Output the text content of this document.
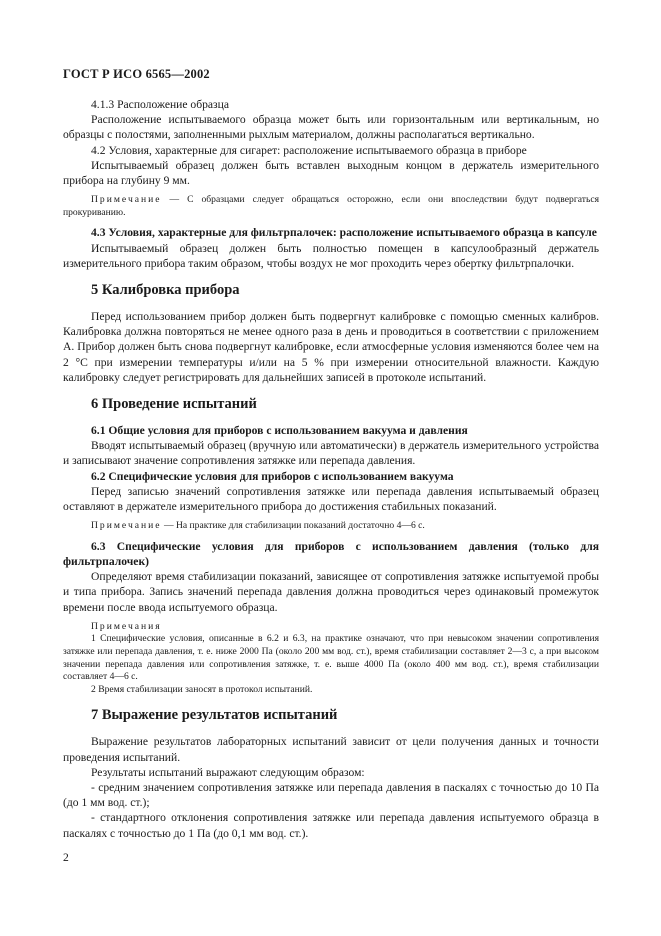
ГОСТ Р ИСО 6565—2002

4.1.3 Расположение образца

Расположение испытываемого образца может быть или горизонтальным или вертикальным, но образцы с полостями, заполненными рыхлым материалом, должны располагаться вертикально.

4.2 Условия, характерные для сигарет: расположение испытываемого образца в приборе

Испытываемый образец должен быть вставлен выходным концом в держатель измерительного прибора на глубину 9 мм.

Примечание — С образцами следует обращаться осторожно, если они впоследствии будут подвергаться прокуриванию.

4.3 Условия, характерные для фильтрпалочек: расположение испытываемого образца в капсуле

Испытываемый образец должен быть полностью помещен в капсулообразный держатель измерительного прибора таким образом, чтобы воздух не мог проходить через обертку фильтрпалочки.

5 Калибровка прибора

Перед использованием прибор должен быть подвергнут калибровке с помощью сменных калибров. Калибровка должна повторяться не менее одного раза в день и проводиться в соответствии с приложением А. Прибор должен быть снова подвергнут калибровке, если атмосферные условия изменяются более чем на 2 °С при измерении температуры и/или на 5 % при измерении относительной влажности. Каждую калибровку следует регистрировать для дальнейших записей в протоколе испытаний.

6 Проведение испытаний

6.1 Общие условия для приборов с использованием вакуума и давления

Вводят испытываемый образец (вручную или автоматически) в держатель измерительного устройства и записывают значение сопротивления затяжке или перепада давления.

6.2 Специфические условия для приборов с использованием вакуума

Перед записью значений сопротивления затяжке или перепада давления испытываемый образец оставляют в держателе измерительного прибора до достижения стабильных показаний.

Примечание — На практике для стабилизации показаний достаточно 4—6 с.

6.3 Специфические условия для приборов с использованием давления (только для фильтрпалочек)

Определяют время стабилизации показаний, зависящее от сопротивления затяжке испытуемой пробы и типа прибора. Запись значений перепада давления должна проводиться через одинаковый промежуток времени после ввода испытуемого образца.

Примечания

1 Специфические условия, описанные в 6.2 и 6.3, на практике означают, что при невысоком значении сопротивления затяжке или перепада давления, т. е. ниже 2000 Па (около 200 мм вод. ст.), время стабилизации составляет 2—3 с, а при высоком значении перепада давления или сопротивления затяжке, т. е. выше 4000 Па (около 400 мм вод. ст.), время стабилизации составляет 4—6 с.

2 Время стабилизации заносят в протокол испытаний.

7 Выражение результатов испытаний

Выражение результатов лабораторных испытаний зависит от цели получения данных и точности проведения испытаний.

Результаты испытаний выражают следующим образом:

- средним значением сопротивления затяжке или перепада давления в паскалях с точностью до 10 Па (до 1 мм вод. ст.);

- стандартного отклонения сопротивления затяжке или перепада давления испытуемого образца в паскалях с точностью до 1 Па (до 0,1 мм вод. ст.).

2
